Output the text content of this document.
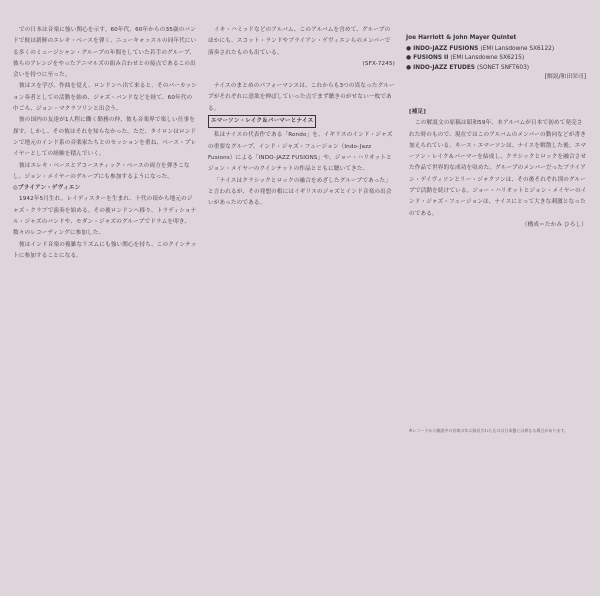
での日本は音楽に強い関心を示す。60年代、60年からの35歳のバンドで彼は新鮮のエレキ・ベースを弾く、ニューキャッスルの同年代にいる多くのミュージシャン・グループの年間をしていた若手のグループ、彼らのアレンジをやったアニマルズの組み合わせとの接点であるこの出会いを持つに至った。

彼はスを学び、作曲を覚え、ロンドンへ出て来ると、そのパーカッション奏者としての活動を始め、ジャズ・バンドなどを経て、60年代の中ごろ、ジョン・マクラフリンと出会う。

彼の国内の友達が1人程に働く勤務の仲、彼も音楽界で楽しい仕事を探す、しかし、その彼はそれを知らなかった。ただ、タイロンはロンドンで地元のインド系の音楽家たちとのセッションを重ね、ベース・プレイヤーとしての経験を積んでいく。

彼はエレキ・ベースとアコースティック・ベースの両方を弾きこなし、ジョン・メイヤーのグループにも参加するようになった。

◎ブライアン・ゲヴィエン

1942年5月生れ。レイディスターを生まれ、十代の頃から地元のジャズ・クラブで演奏を始める。その後ロンドンへ移り、トラディショナル・ジャズのバンドや、モダン・ジャズのグループでドラムを叩き、数々のレコーディングに参加した。

彼はインド音楽の複雑なリズムにも強い関心を持ち、このクインテットに参加することになる。

イキ・ハミッドなどのアルバム、このアルバムを含めて、グループのほかにも、スコット・ランドやブライアン・ゲヴィエンらのメンバーで演奏されたものも出ている。

(SFX-7245)

ナイスのまとめのパフォーマンスは、これからも3つの異なったグループがそれぞれに意欲を伸ばしていった点でまず聴きのがせない一枚である。

エマーソン・レイク＆パーマーとナイス

私はナイスの代表作である「Rondo」を、イギリスのインド・ジャズの重要なグループ、インド・ジャズ・フュージョン（Indo-Jazz Fusions）による「INDO-JAZZ FUSIONS」や、ジョー・ハリオットとジョン・メイヤーのクインテットの作品とともに聴いてきた。

「ナイスはクラシックとロックの融合をめざしたグループであった」と言われるが、その発想の根にはイギリスのジャズとインド音楽の出会いがあったのである。

Joe Harriott & John Mayer Quintet
● INDO-JAZZ FUSIONS (EMI Lansdowne SX6122)
● FUSIONS II (EMI Lansdowne SX6215)
● INDO-JAZZ ETUDES (SONET SNFT603)
[解説/和田栄司]

[補足]

この解説文の原稿は昭和59年、本アルバムが日本で初めて発売された時のもので、現在ではこのアルバムのメンバーの動向などが書き加えられている。キース・エマーソンは、ナイスを解散した後、エマーソン・レイク＆パーマーを結成し、クラシックとロックを融合させた作品で世界的な成功を収めた。グループのメンバーだったブライアン・デイヴィソンとリー・ジャクソンは、その後それぞれ別のグループで活動を続けている。ジョー・ハリオットとジョン・メイヤーのインド・ジャズ・フュージョンは、ナイスにとって大きな刺激となったのである。

（構成＝たかみ ひろし）

※レコードから解説中の音楽の年に録音されたものは日本盤とは異なる場合があります。
